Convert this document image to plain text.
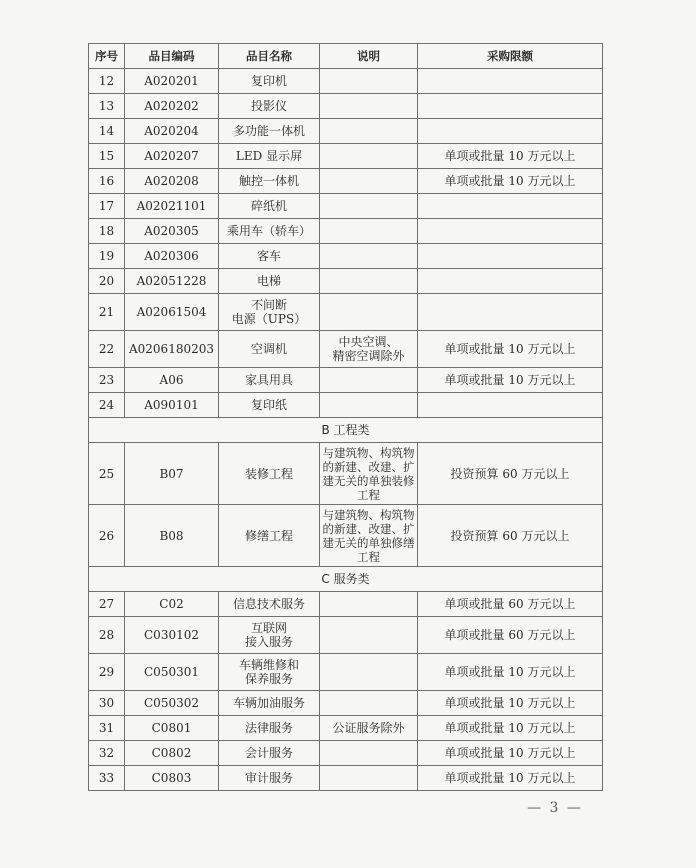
序号	品目编码	品目名称	说明	采购限额
12	A020201	复印机		
13	A020202	投影仪		
14	A020204	多功能一体机		
15	A020207	LED 显示屏		单项或批量 10 万元以上
16	A020208	触控一体机		单项或批量 10 万元以上
17	A02021101	碎纸机		
18	A020305	乘用车（轿车）		
19	A020306	客车		
20	A02051228	电梯		
21	A02061504	不间断
电源（UPS）		
22	A0206180203	空调机	中央空调、
精密空调除外	单项或批量 10 万元以上
23	A06	家具用具		单项或批量 10 万元以上
24	A090101	复印纸		
B 工程类				
25	B07	装修工程	与建筑物、构筑物的新建、改建、扩建无关的单独装修工程	投资预算 60 万元以上
26	B08	修缮工程	与建筑物、构筑物的新建、改建、扩建无关的单独修缮工程	投资预算 60 万元以上
C 服务类				
27	C02	信息技术服务		单项或批量 60 万元以上
28	C030102	互联网
接入服务		单项或批量 60 万元以上
29	C050301	车辆维修和
保养服务		单项或批量 10 万元以上
30	C050302	车辆加油服务		单项或批量 10 万元以上
31	C0801	法律服务	公证服务除外	单项或批量 10 万元以上
32	C0802	会计服务		单项或批量 10 万元以上
33	C0803	审计服务		单项或批量 10 万元以上
— 3 —
